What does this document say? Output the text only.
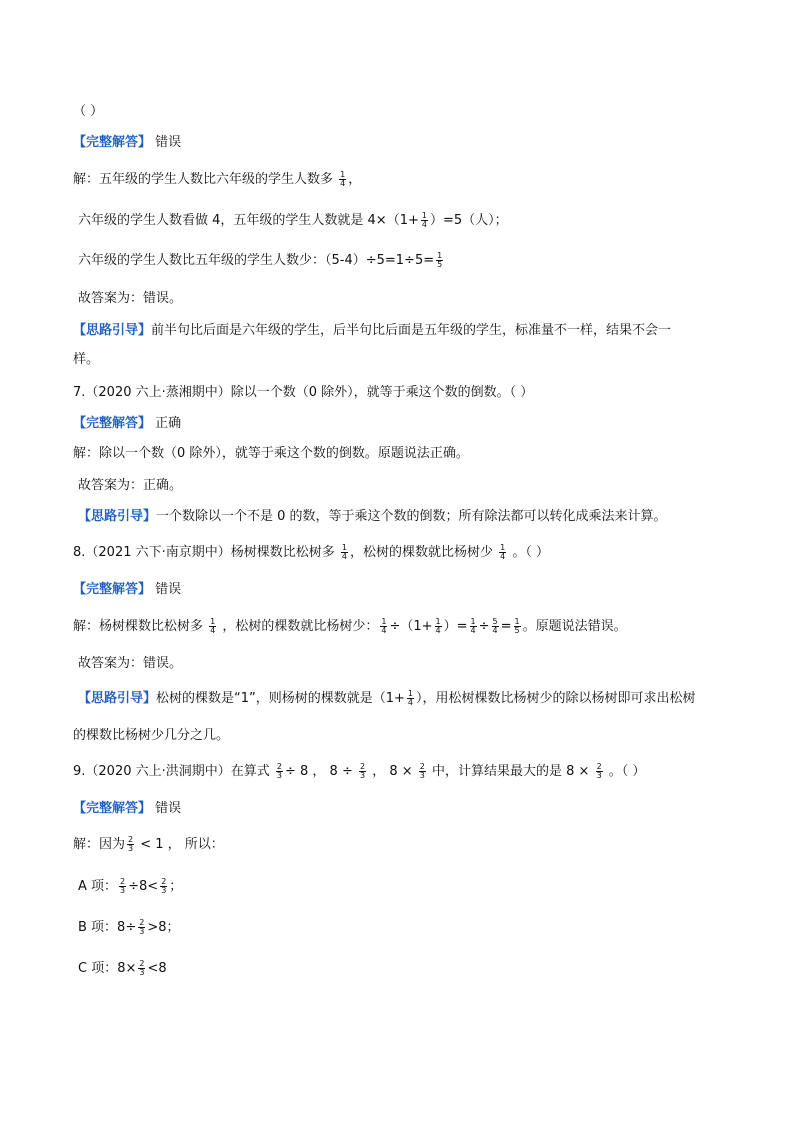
（ ）
【完整解答】 错误
解：五年级的学生人数比六年级的学生人数多 $\frac{1}{4}$ ，
六年级的学生人数看做 4，五年级的学生人数就是 $4\times(1+ \frac{1}{4} )=5$（人）；
六年级的学生人数比五年级的学生人数少：$(5-4)\div 5=1\div 5= \frac{1}{5}$
故答案为：错误。
【思路引导】前半句比后面是六年级的学生，后半句比后面是五年级的学生，标准量不一样，结果不会一
样。
7.（2020 六上·蒸湘期中）除以一个数（0 除外），就等于乘这个数的倒数。（ ）
【完整解答】 正确
解：除以一个数（0 除外），就等于乘这个数的倒数。原题说法正确。
故答案为：正确。
【思路引导】一个数除以一个不是 0 的数，等于乘这个数的倒数；所有除法都可以转化成乘法来计算。
8.（2021 六下·南京期中）杨树棵数比松树多 $\frac{1}{4}$ ，松树的棵数就比杨树少 $\frac{1}{4}$ 。（ ）
【完整解答】 错误
解：杨树棵数比松树多 $\frac{1}{4}$ ，松树的棵数就比杨树少： $\frac{1}{4} \div(1+ \frac{1}{4}$ ）= $\frac{1}{4} \div \frac{5}{4} = \frac{1}{5}$ 。原题说法错误。
故答案为：错误。
【思路引导】松树的棵数是“1”，则杨树的棵数就是（$1+ \frac{1}{4}$ ），用松树棵数比杨树少的除以杨树即可求出松树
的棵数比杨树少几分之几。
9.（2020 六上·洪洞期中）在算式 $\frac{2}{3} \div 8$ ， $8 \div \frac{2}{3}$ ， $8 \times \frac{2}{3}$ 中，计算结果最大的是 $8 \times \frac{2}{3}$ 。（ ）
【完整解答】 错误
解：因为 $\frac{2}{3} < 1$ ， 所以：
A 项： $\frac{2}{3} \div 8< \frac{2}{3}$ ；
B 项：$8\div \frac{2}{3} >8$；
C 项：$8\times \frac{2}{3} <8$
